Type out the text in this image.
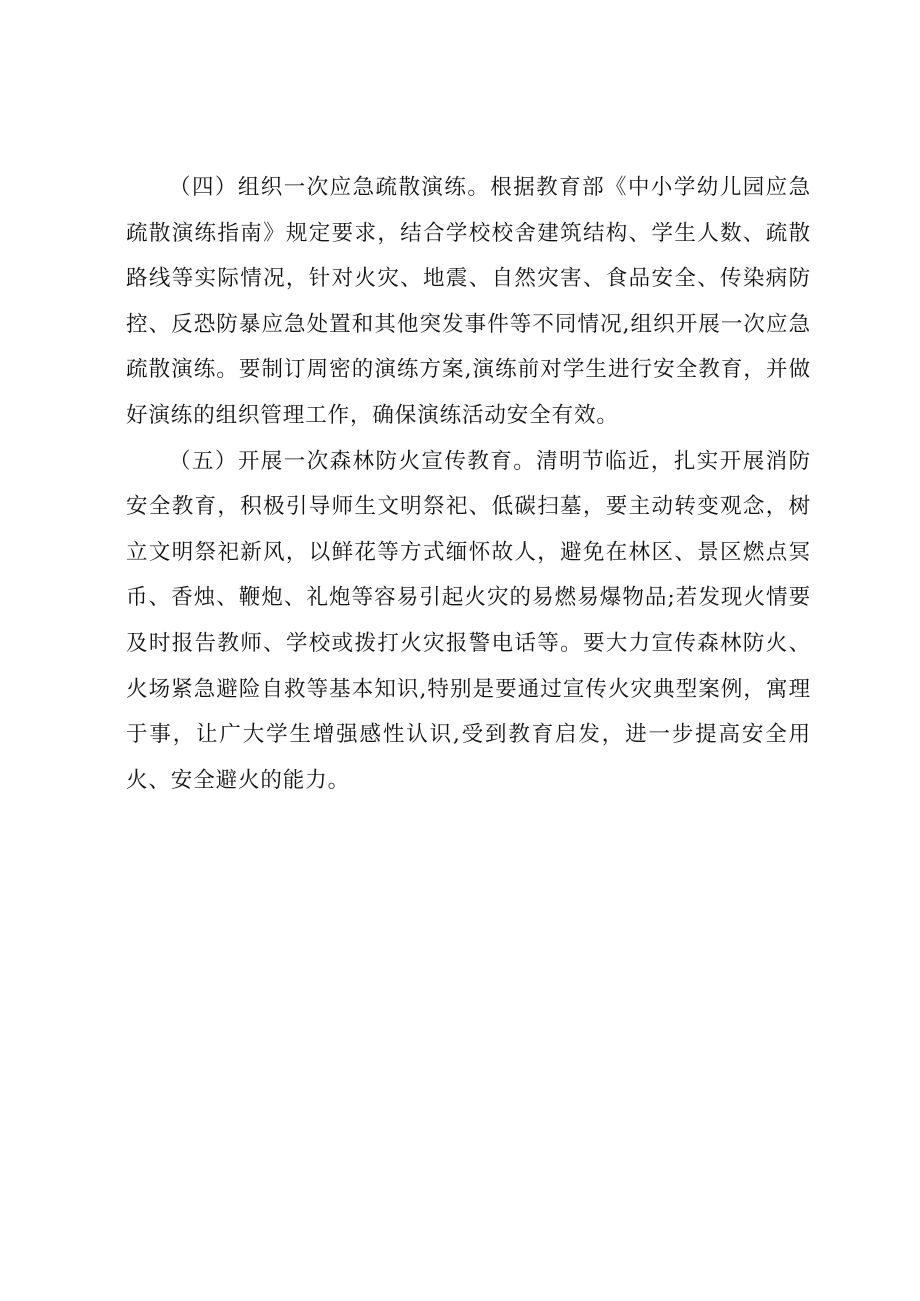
（四）组织一次应急疏散演练。根据教育部《中小学幼儿园应急疏散演练指南》规定要求，结合学校校舍建筑结构、学生人数、疏散路线等实际情况，针对火灾、地震、自然灾害、食品安全、传染病防控、反恐防暴应急处置和其他突发事件等不同情况,组织开展一次应急疏散演练。要制订周密的演练方案,演练前对学生进行安全教育，并做好演练的组织管理工作，确保演练活动安全有效。

（五）开展一次森林防火宣传教育。清明节临近，扎实开展消防安全教育，积极引导师生文明祭祀、低碳扫墓，要主动转变观念，树立文明祭祀新风，以鲜花等方式缅怀故人，避免在林区、景区燃点冥币、香烛、鞭炮、礼炮等容易引起火灾的易燃易爆物品;若发现火情要及时报告教师、学校或拨打火灾报警电话等。要大力宣传森林防火、火场紧急避险自救等基本知识,特别是要通过宣传火灾典型案例，寓理于事，让广大学生增强感性认识,受到教育启发，进一步提高安全用火、安全避火的能力。
